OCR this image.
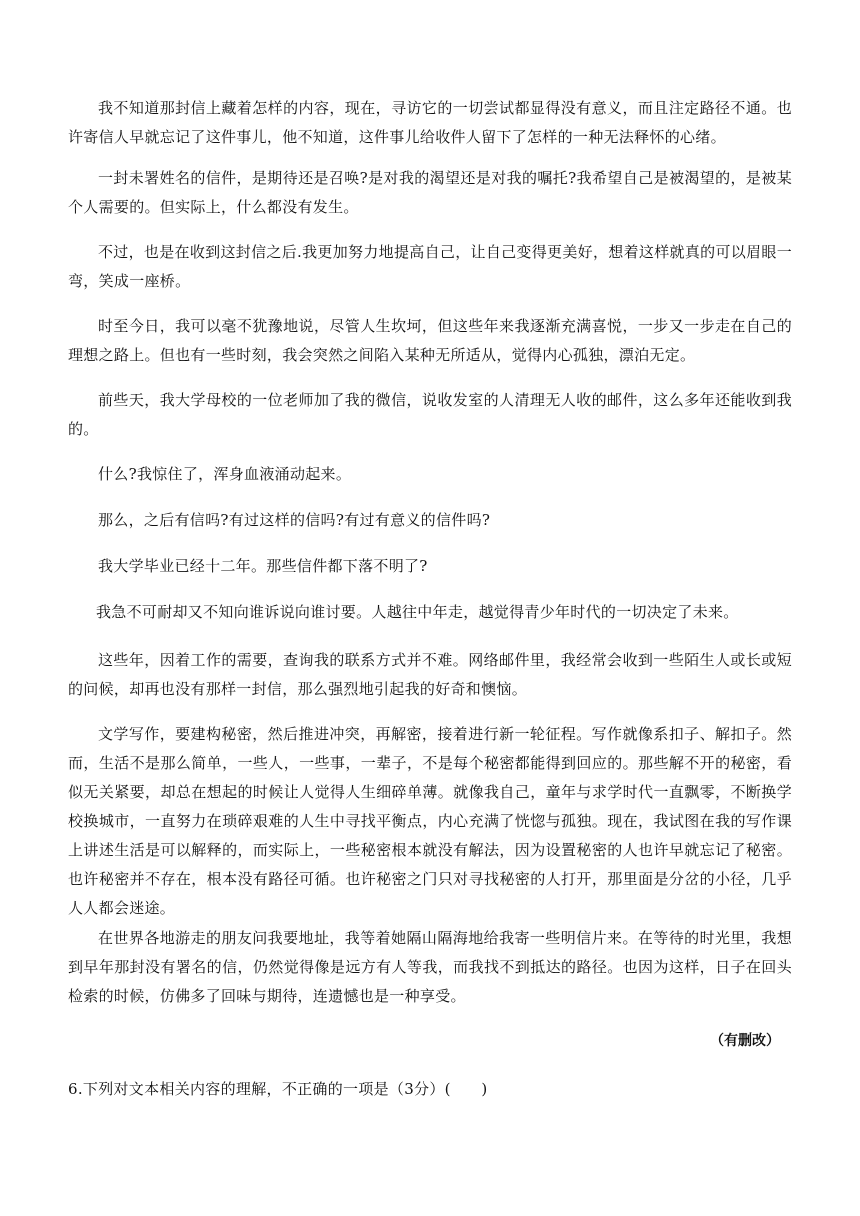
我不知道那封信上藏着怎样的内容，现在，寻访它的一切尝试都显得没有意义，而且注定路径不通。也许寄信人早就忘记了这件事儿，他不知道，这件事儿给收件人留下了怎样的一种无法释怀的心绪。

一封未署姓名的信件，是期待还是召唤?是对我的渴望还是对我的嘱托?我希望自己是被渴望的，是被某个人需要的。但实际上，什么都没有发生。

不过，也是在收到这封信之后.我更加努力地提高自己，让自己变得更美好，想着这样就真的可以眉眼一弯，笑成一座桥。

时至今日，我可以毫不犹豫地说，尽管人生坎坷，但这些年来我逐渐充满喜悦，一步又一步走在自己的理想之路上。但也有一些时刻，我会突然之间陷入某种无所适从，觉得内心孤独，漂泊无定。

前些天，我大学母校的一位老师加了我的微信，说收发室的人清理无人收的邮件，这么多年还能收到我的。

什么?我惊住了，浑身血液涌动起来。

那么，之后有信吗?有过这样的信吗?有过有意义的信件吗?

我大学毕业已经十二年。那些信件都下落不明了?

我急不可耐却又不知向谁诉说向谁讨要。人越往中年走，越觉得青少年时代的一切决定了未来。

这些年，因着工作的需要，查询我的联系方式并不难。网络邮件里，我经常会收到一些陌生人或长或短的问候，却再也没有那样一封信，那么强烈地引起我的好奇和懊恼。

文学写作，要建构秘密，然后推进冲突，再解密，接着进行新一轮征程。写作就像系扣子、解扣子。然而，生活不是那么简单，一些人，一些事，一辈子，不是每个秘密都能得到回应的。那些解不开的秘密，看似无关紧要，却总在想起的时候让人觉得人生细碎单薄。就像我自己，童年与求学时代一直飘零，不断换学校换城市，一直努力在琐碎艰难的人生中寻找平衡点，内心充满了恍惚与孤独。现在，我试图在我的写作课上讲述生活是可以解释的，而实际上，一些秘密根本就没有解法，因为设置秘密的人也许早就忘记了秘密。也许秘密并不存在，根本没有路径可循。也许秘密之门只对寻找秘密的人打开，那里面是分岔的小径，几乎人人都会迷途。

在世界各地游走的朋友问我要地址，我等着她隔山隔海地给我寄一些明信片来。在等待的时光里，我想到早年那封没有署名的信，仍然觉得像是远方有人等我，而我找不到抵达的路径。也因为这样，日子在回头检索的时候，仿佛多了回味与期待，连遗憾也是一种享受。

（有删改）

6.下列对文本相关内容的理解，不正确的一项是（3分）(　　)
